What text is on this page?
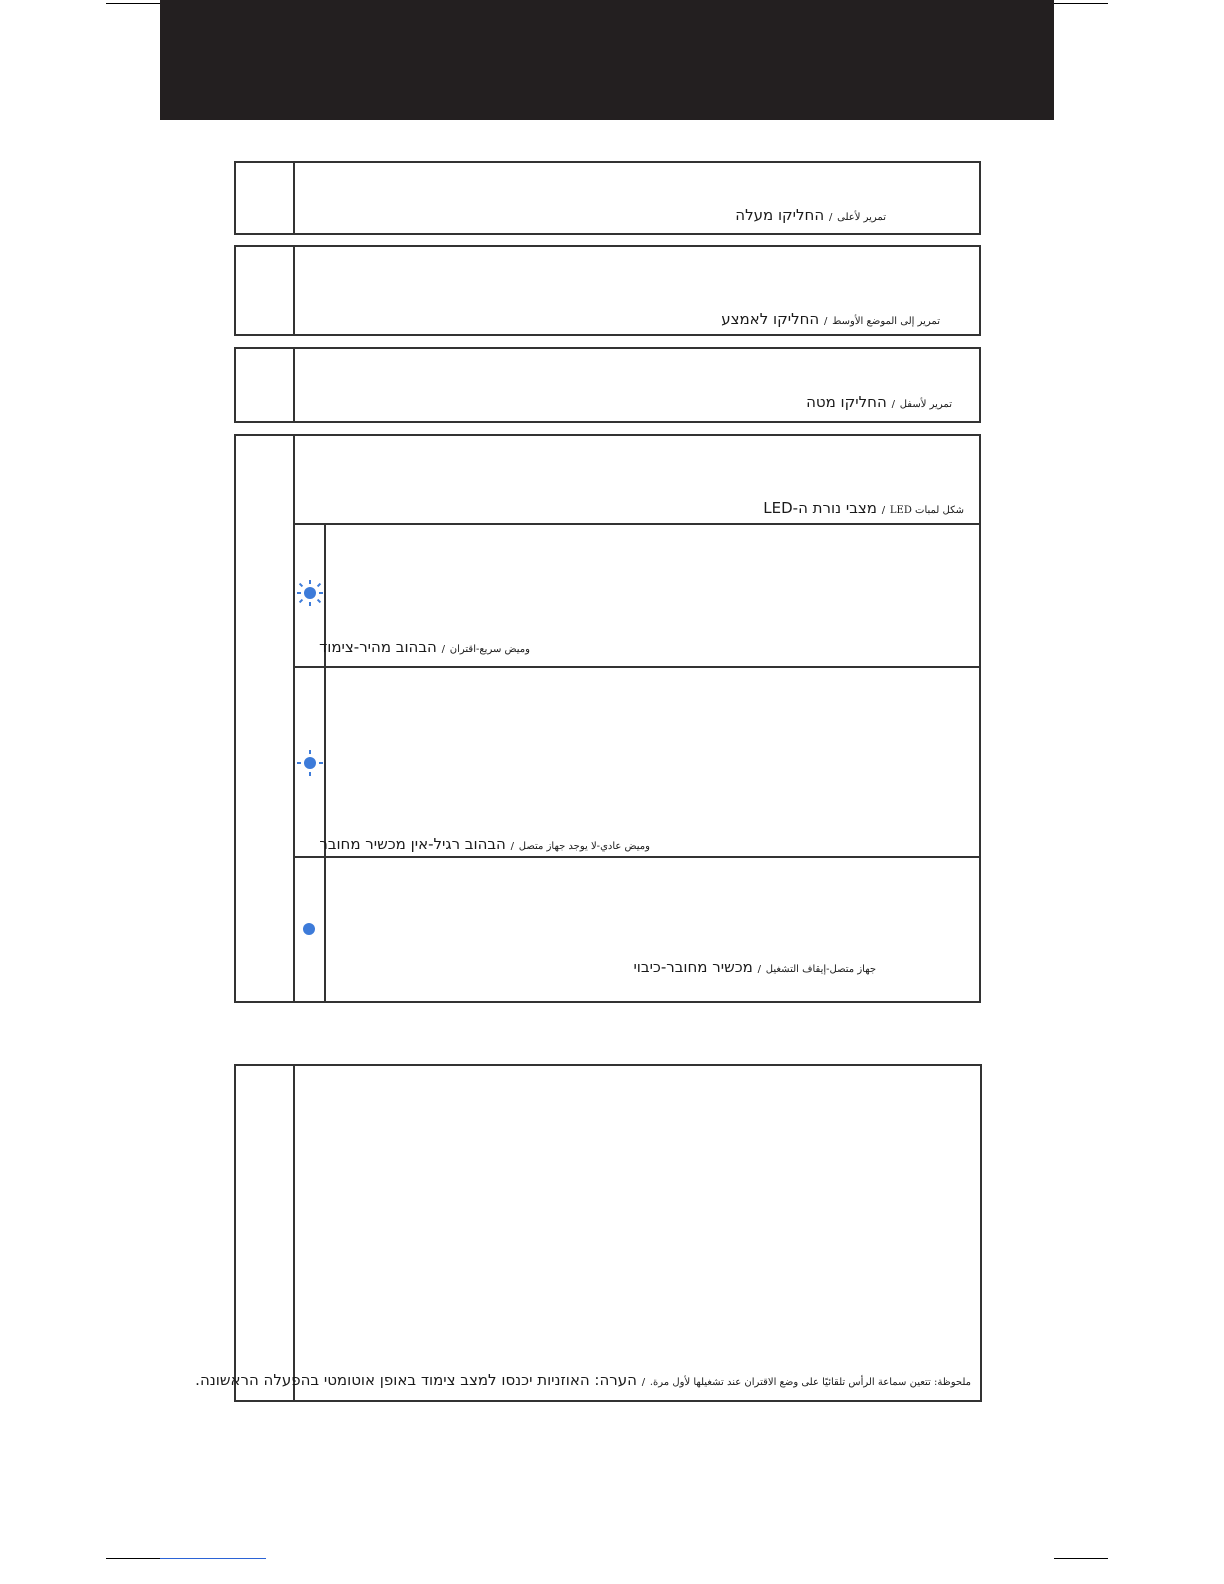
تمرير لأعلى / החליקו מעלה
تمرير إلى الموضع الأوسط / החליקו לאמצע
تمرير لأسفل / החליקו מטה
شكل لمبات LED / מצבי נורת ה-LED
وميض سريع-اقتران / הבהוב מהיר-צימוד
وميض عادي-لا يوجد جهاز متصل / הבהוב רגיל-אין מכשיר מחובר
جهاز متصل-إيقاف التشغيل / מכשיר מחובר-כיבוי
ملحوظة: تتعين سماعة الرأس تلقائيًا على وضع الاقتران عند تشغيلها لأول مرة. / הערה: האוזניות יכנסו למצב צימוד באופן אוטומטי בהפעלה הראשונה.
